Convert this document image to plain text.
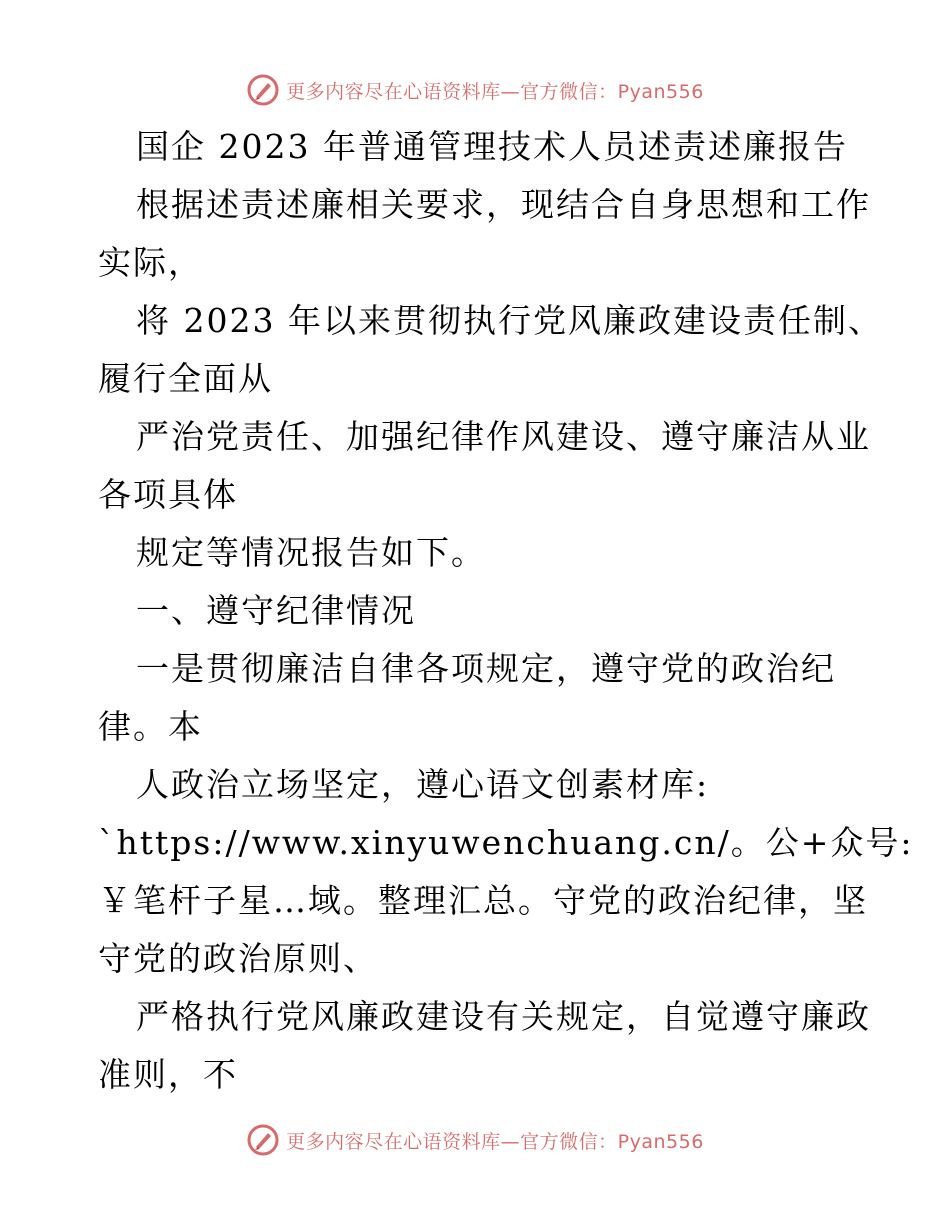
更多内容尽在心语资料库—官方微信：Pyan556
国企 2023 年普通管理技术人员述责述廉报告
根据述责述廉相关要求，现结合自身思想和工作
实际，
将 2023 年以来贯彻执行党风廉政建设责任制、
履行全面从
严治党责任、加强纪律作风建设、遵守廉洁从业
各项具体
规定等情况报告如下。
一、遵守纪律情况
一是贯彻廉洁自律各项规定，遵守党的政治纪
律。本
人政治立场坚定，遵心语文创素材库:
`https://www.xinyuwenchuang.cn/。公+众号:
￥笔杆子星…域。整理汇总。守党的政治纪律，坚
守党的政治原则、
严格执行党风廉政建设有关规定，自觉遵守廉政
准则，不
更多内容尽在心语资料库—官方微信：Pyan556
